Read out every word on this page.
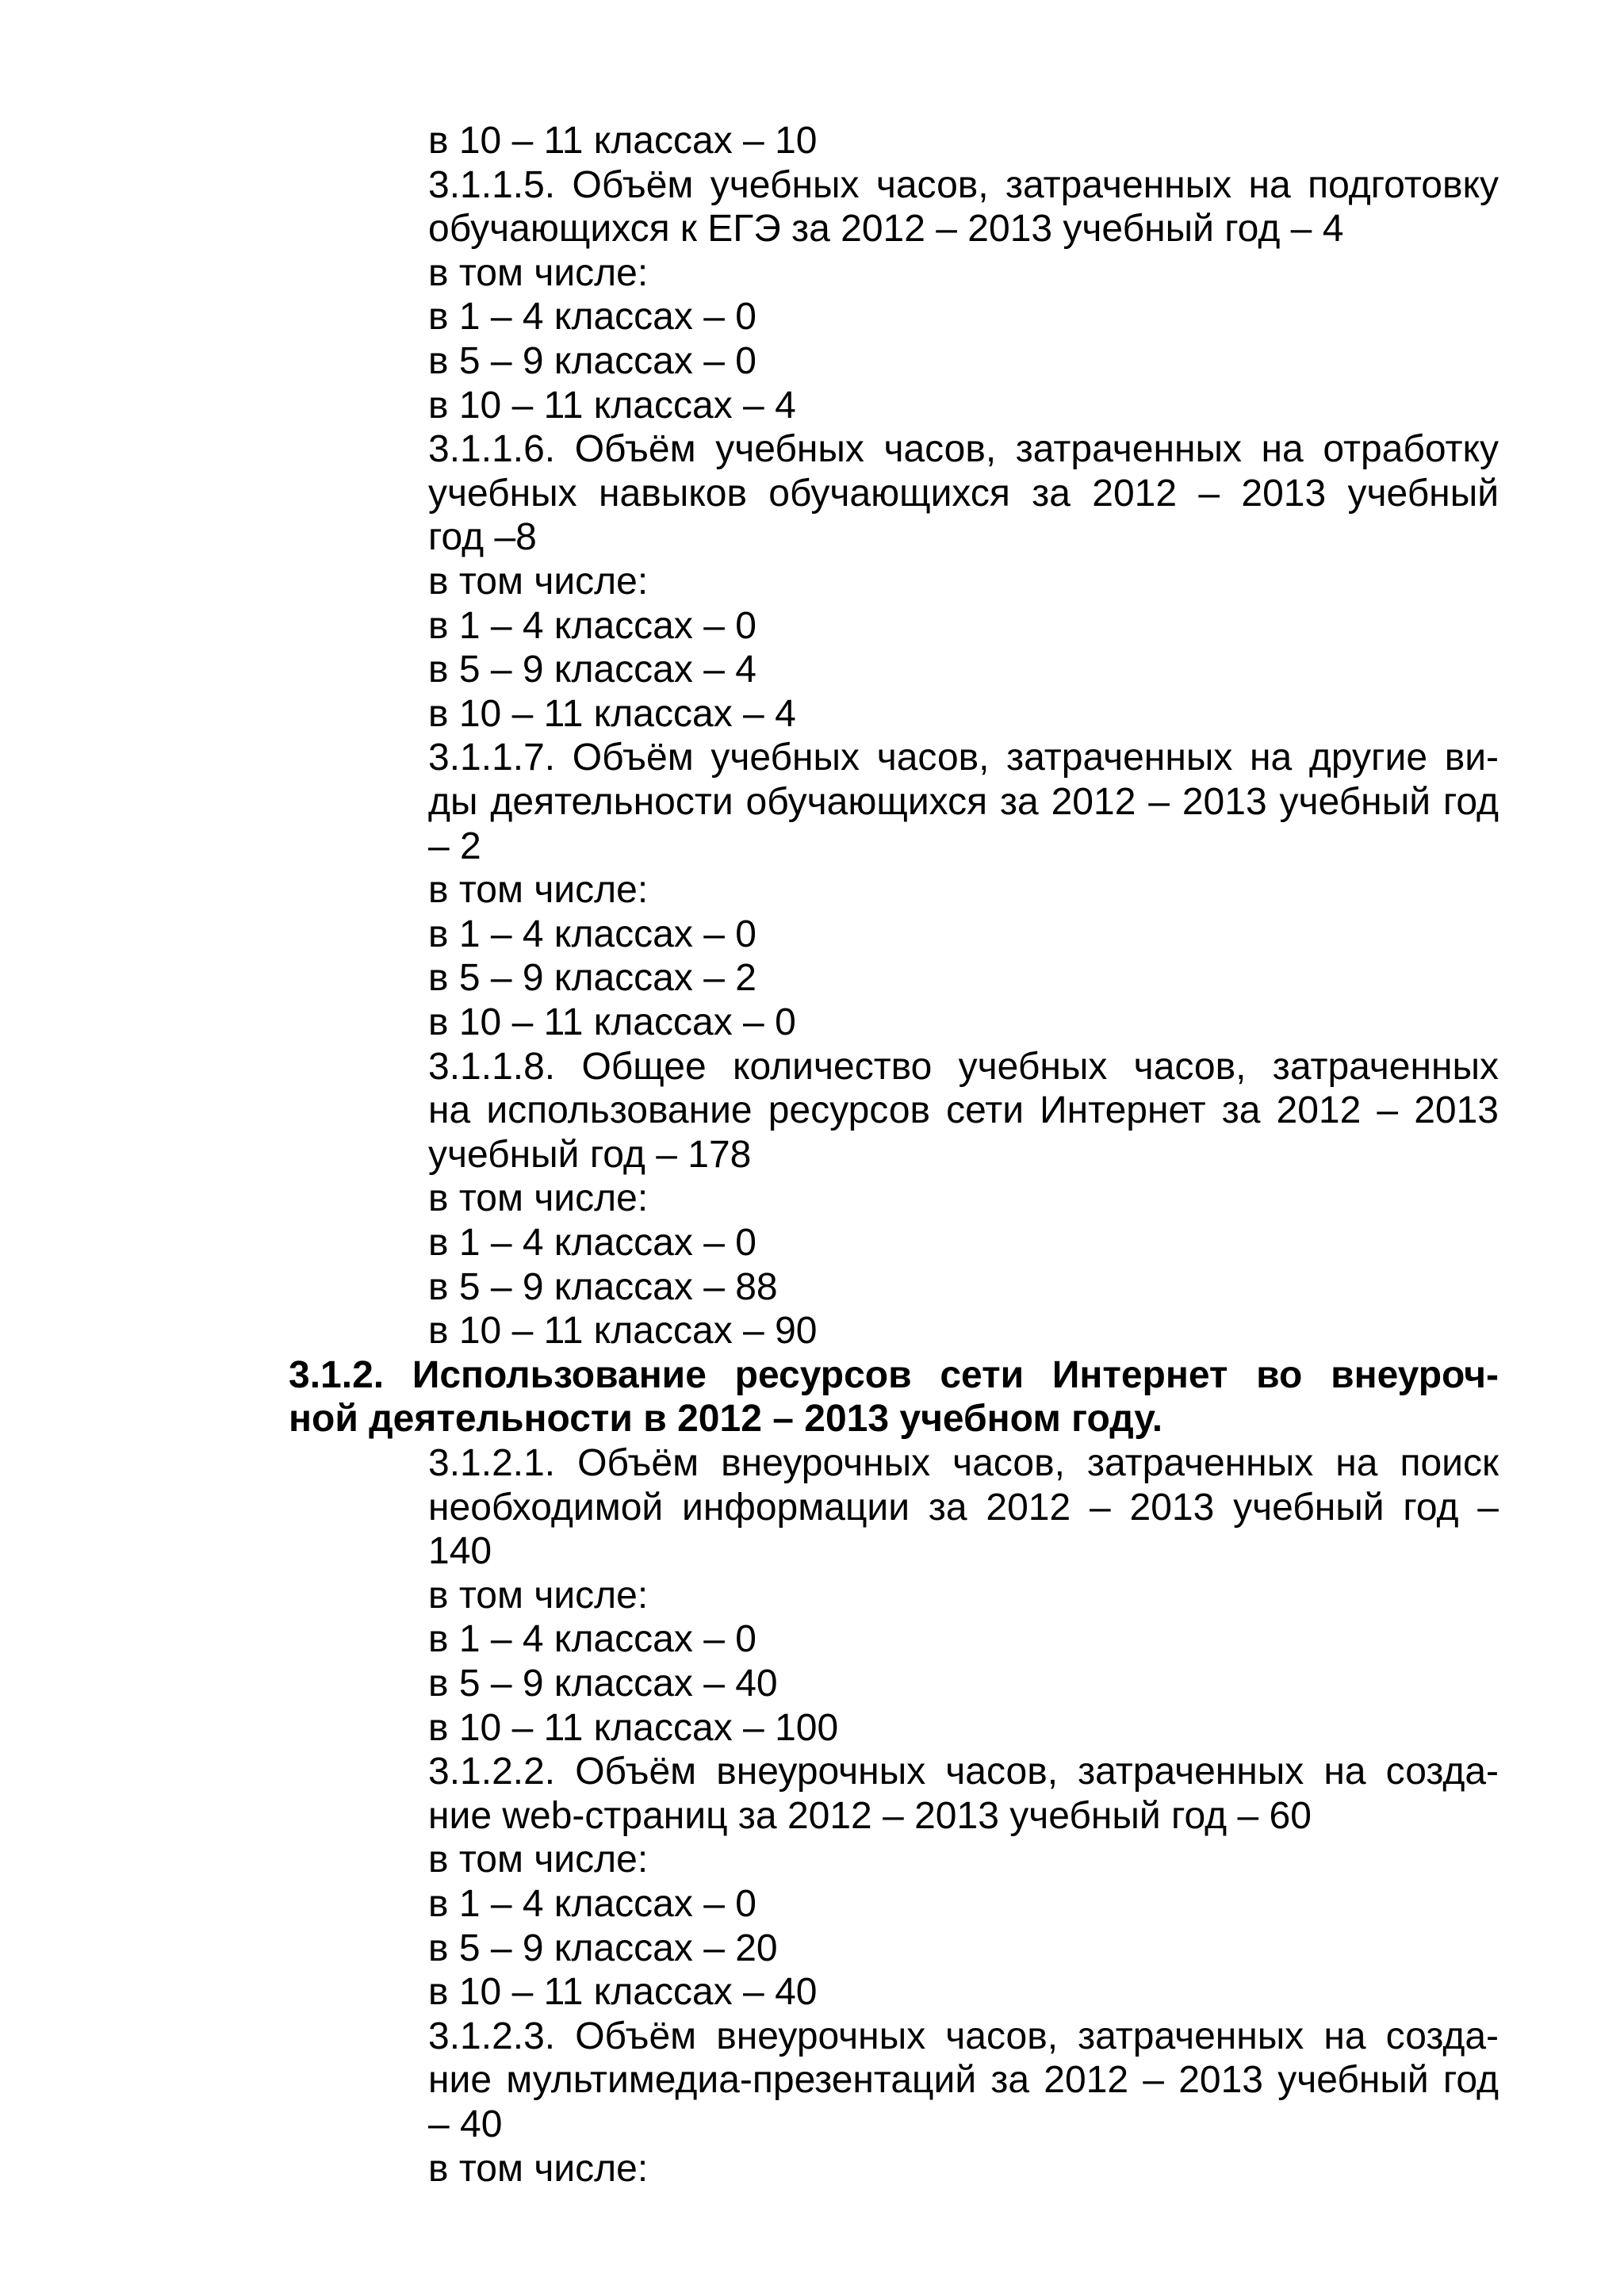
в 10 – 11 классах – 10
3.1.1.5. Объём учебных часов, затраченных на подготовку
обучающихся к ЕГЭ за 2012 – 2013 учебный год – 4
в том числе:
в 1 – 4 классах – 0
в 5 – 9 классах – 0
в 10 – 11 классах – 4
3.1.1.6. Объём учебных часов, затраченных на отработку
учебных навыков обучающихся за 2012 – 2013 учебный
год –8
в том числе:
в 1 – 4 классах – 0
в 5 – 9 классах – 4
в 10 – 11 классах – 4
3.1.1.7. Объём учебных часов, затраченных на другие ви-
ды деятельности обучающихся за 2012 – 2013 учебный год
– 2
в том числе:
в 1 – 4 классах – 0
в 5 – 9 классах – 2
в 10 – 11 классах – 0
3.1.1.8. Общее количество учебных часов, затраченных
на использование ресурсов сети Интернет за 2012 – 2013
учебный год – 178
в том числе:
в 1 – 4 классах – 0
в 5 – 9 классах – 88
в 10 – 11 классах – 90
3.1.2. Использование ресурсов сети Интернет во внеуроч-
ной деятельности в 2012 – 2013 учебном году.
3.1.2.1. Объём внеурочных часов, затраченных на поиск
необходимой информации за 2012 – 2013 учебный год –
140
в том числе:
в 1 – 4 классах – 0
в 5 – 9 классах – 40
в 10 – 11 классах – 100
3.1.2.2. Объём внеурочных часов, затраченных на созда-
ние web-страниц за 2012 – 2013 учебный год – 60
в том числе:
в 1 – 4 классах – 0
в 5 – 9 классах – 20
в 10 – 11 классах – 40
3.1.2.3. Объём внеурочных часов, затраченных на созда-
ние мультимедиа-презентаций за 2012 – 2013 учебный год
– 40
в том числе:
